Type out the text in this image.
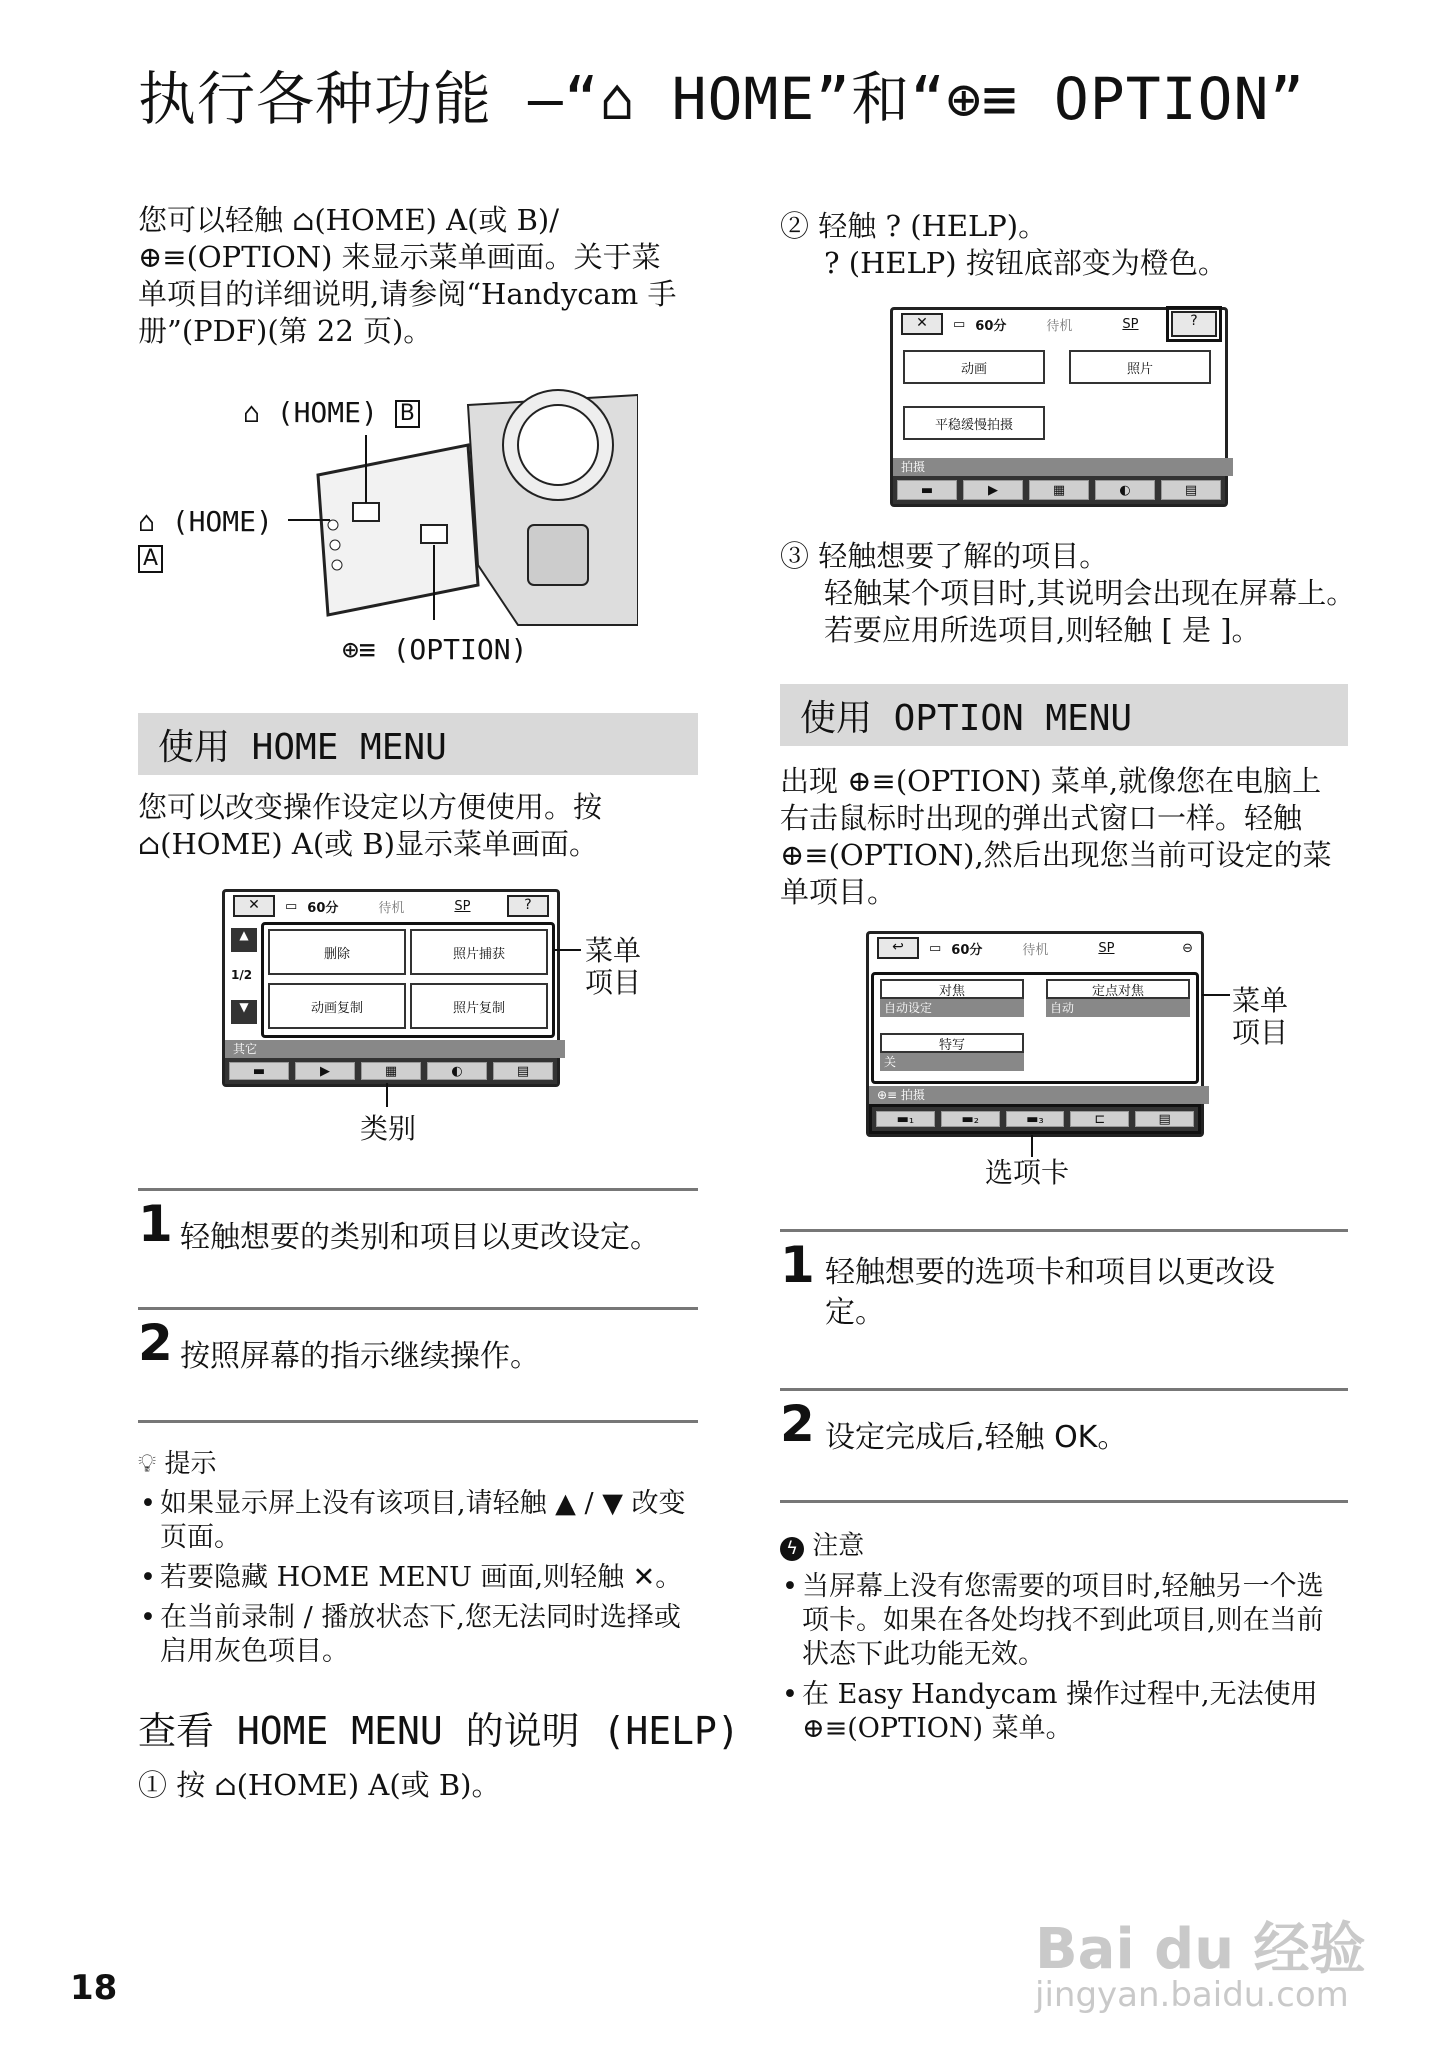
执行各种功能 –“⌂ HOME”和“⊕≡ OPTION”
您可以轻触 ⌂(HOME) A(或 B)/ ⊕≡(OPTION) 来显示菜单画面。关于菜单项目的详细说明,请参阅“Handycam 手册”(PDF)(第 22 页)。
⌂ (HOME) B
⌂ (HOME)
A
⊕≡ (OPTION)
使用 HOME MENU
您可以改变操作设定以方便使用。按 ⌂(HOME) A(或 B)显示菜单画面。
✕	▭ 60分	待机	SP	?
▲
1/2
▼
删除	照片捕获
动画复制	照片复制
其它
▬	▶	▦	◐	▤
菜单
项目
类别
1 轻触想要的类别和项目以更改设定。
2 按照屏幕的指示继续操作。
💡︎ 提示
• 如果显示屏上没有该项目,请轻触 ▲ / ▼ 改变页面。
• 若要隐藏 HOME MENU 画面,则轻触 ✕。
• 在当前录制 / 播放状态下,您无法同时选择或启用灰色项目。
查看 HOME MENU 的说明 (HELP)
① 按 ⌂(HOME) A(或 B)。
② 轻触 ? (HELP)。
? (HELP) 按钮底部变为橙色。
✕	▭ 60分	待机	SP	?
动画	照片
平稳缓慢拍摄
拍摄
▬	▶	▦	◐	▤
③ 轻触想要了解的项目。
轻触某个项目时,其说明会出现在屏幕上。若要应用所选项目,则轻触 [ 是 ]。
使用 OPTION MENU
出现 ⊕≡(OPTION) 菜单,就像您在电脑上右击鼠标时出现的弹出式窗口一样。轻触 ⊕≡(OPTION),然后出现您当前可设定的菜单项目。
↩	▭ 60分	待机	SP	⊖
对焦
自动设定
定点对焦
自动
特写
关
⊕≡ 拍摄
▬₁	▬₂	▬₃	⊏	▤
菜单
项目
选项卡
1 轻触想要的选项卡和项目以更改设定。
2 设定完成后,轻触 OK。
ϟ 注意
• 当屏幕上没有您需要的项目时,轻触另一个选项卡。如果在各处均找不到此项目,则在当前状态下此功能无效。
• 在 Easy Handycam 操作过程中,无法使用 ⊕≡(OPTION) 菜单。
18
Bai du 经验
jingyan.baidu.com
